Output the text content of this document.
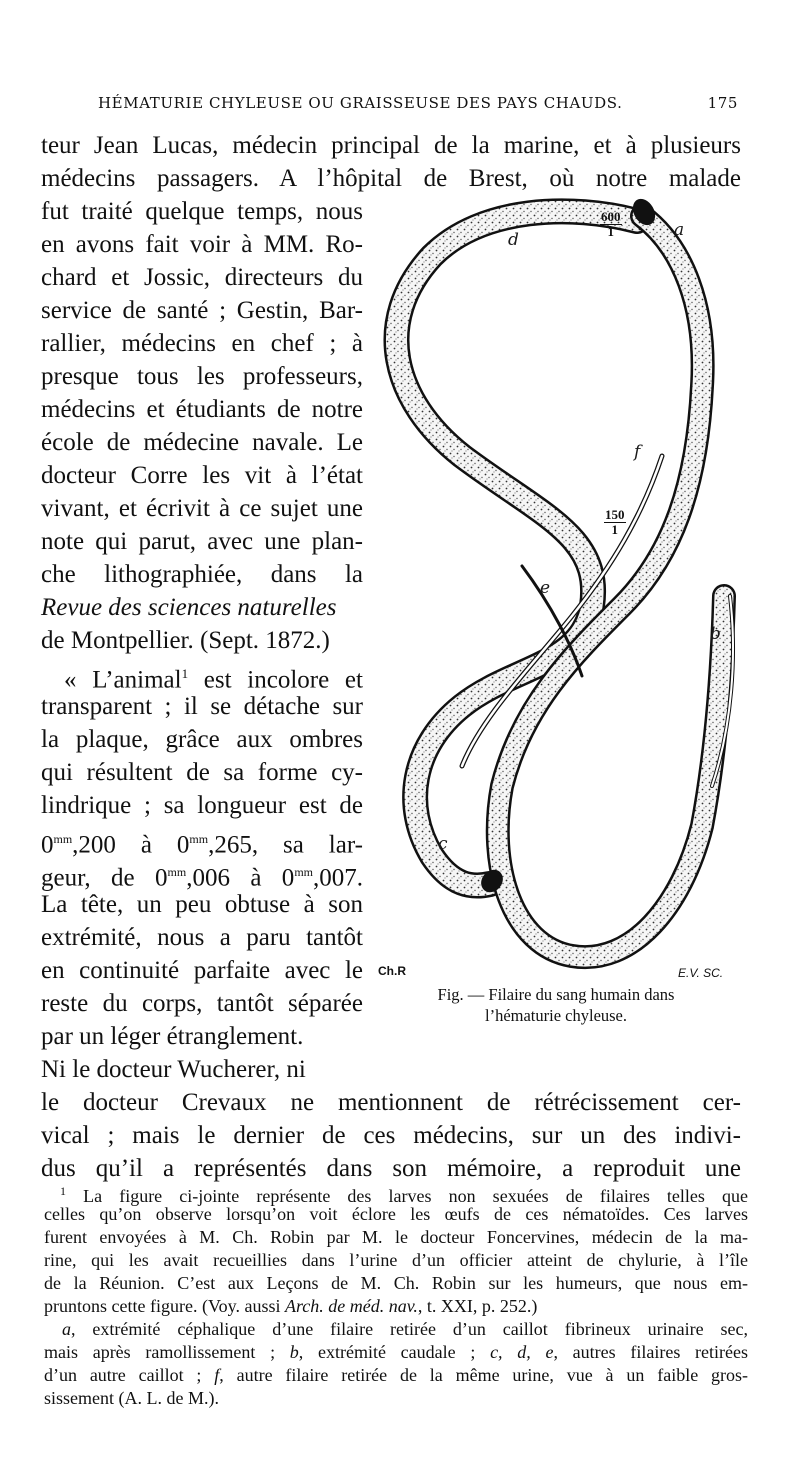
HÉMATURIE CHYLEUSE OU GRAISSEUSE DES PAYS CHAUDS.	175
teur Jean Lucas, médecin principal de la marine, et à plusieurs
médecins passagers. A l’hôpital de Brest, où notre malade
fut traité quelque temps, nous
en avons fait voir à MM. Ro-
chard et Jossic, directeurs du
service de santé ; Gestin, Bar-
rallier, médecins en chef ; à
presque tous les professeurs,
médecins et étudiants de notre
école de médecine navale. Le
docteur Corre les vit à l’état
vivant, et écrivit à ce sujet une
note qui parut, avec une plan-
che lithographiée, dans la
Revue des sciences naturelles
de Montpellier. (Sept. 1872.)
« L’animal$^1$ est incolore et
transparent ; il se détache sur
la plaque, grâce aux ombres
qui résultent de sa forme cy-
lindrique ; sa longueur est de
$0^{mm},200$ à $0^{mm},265$, sa lar-
geur, de $0^{mm},006$ à $0^{mm},007$.
La tête, un peu obtuse à son
extrémité, nous a paru tantôt
en continuité parfaite avec le
reste du corps, tantôt séparée
par un léger étranglement.
Ni le docteur Wucherer, ni
le docteur Crevaux ne mentionnent de rétrécissement cer-
vical ; mais le dernier de ces médecins, sur un des indivi-
dus qu’il a représentés dans son mémoire, a reproduit une
d	a
f
e
b
c
$\frac{600}{1}$
$\frac{150}{1}$
Ch.R	E.V. SC.
Fig. — Filaire du sang humain dans
l’hématurie chyleuse.
$^1$ La figure ci-jointe représente des larves non sexuées de filaires telles que
celles qu’on observe lorsqu’on voit éclore les œufs de ces nématoïdes. Ces larves
furent envoyées à M. Ch. Robin par M. le docteur Foncervines, médecin de la ma-
rine, qui les avait recueillies dans l’urine d’un officier atteint de chylurie, à l’île
de la Réunion. C’est aux Leçons de M. Ch. Robin sur les humeurs, que nous em-
pruntons cette figure. (Voy. aussi Arch. de méd. nav., t. XXI, p. 252.)
a, extrémité céphalique d’une filaire retirée d’un caillot fibrineux urinaire sec,
mais après ramollissement ; b, extrémité caudale ; c, d, e, autres filaires retirées
d’un autre caillot ; f, autre filaire retirée de la même urine, vue à un faible gros-
sissement (A. L. de M.).
